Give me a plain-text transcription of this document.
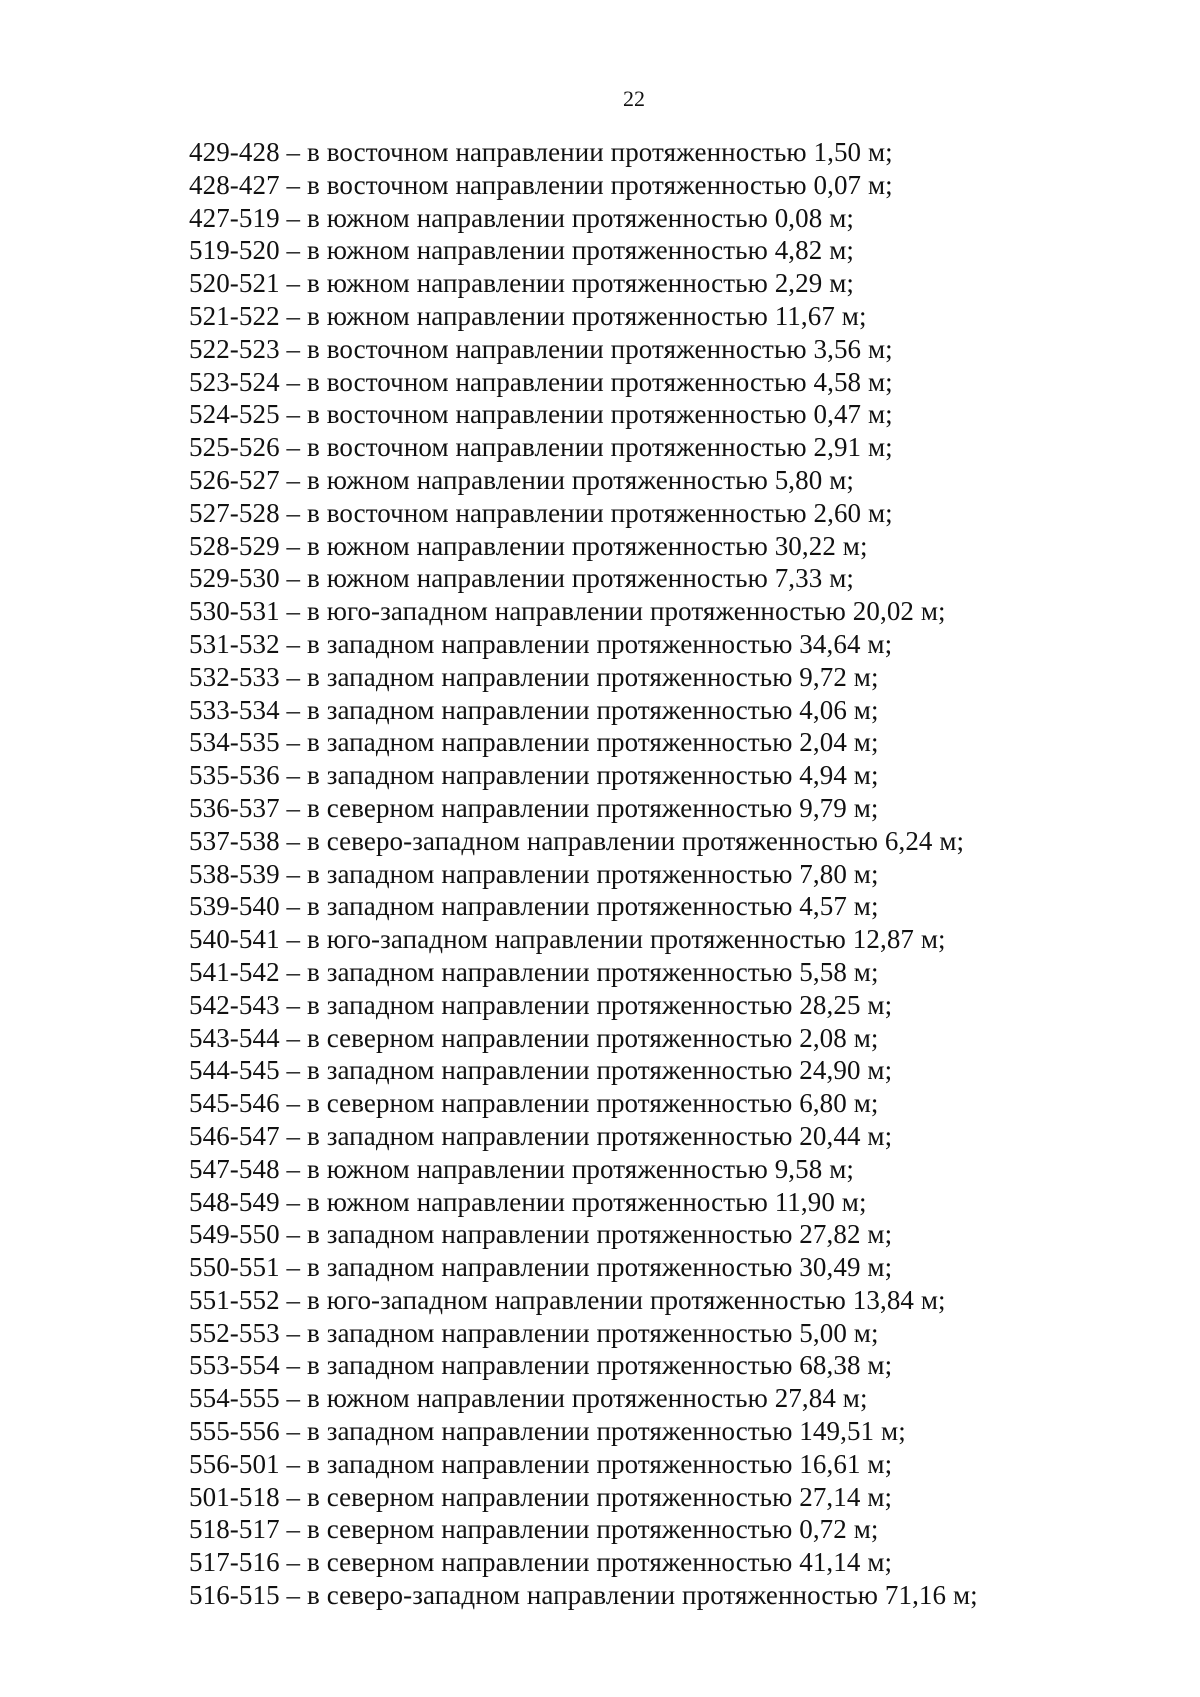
22
429-428 – в восточном направлении протяженностью 1,50 м;
428-427 – в восточном направлении протяженностью 0,07 м;
427-519 – в южном направлении протяженностью 0,08 м;
519-520 – в южном направлении протяженностью 4,82 м;
520-521 – в южном направлении протяженностью 2,29 м;
521-522 – в южном направлении протяженностью 11,67 м;
522-523 – в восточном направлении протяженностью 3,56 м;
523-524 – в восточном направлении протяженностью 4,58 м;
524-525 – в восточном направлении протяженностью 0,47 м;
525-526 – в восточном направлении протяженностью 2,91 м;
526-527 – в южном направлении протяженностью 5,80 м;
527-528 – в восточном направлении протяженностью 2,60 м;
528-529 – в южном направлении протяженностью 30,22 м;
529-530 – в южном направлении протяженностью 7,33 м;
530-531 – в юго-западном направлении протяженностью 20,02 м;
531-532 – в западном направлении протяженностью 34,64 м;
532-533 – в западном направлении протяженностью 9,72 м;
533-534 – в западном направлении протяженностью 4,06 м;
534-535 – в западном направлении протяженностью 2,04 м;
535-536 – в западном направлении протяженностью 4,94 м;
536-537 – в северном направлении протяженностью 9,79 м;
537-538 – в северо-западном направлении протяженностью 6,24 м;
538-539 – в западном направлении протяженностью 7,80 м;
539-540 – в западном направлении протяженностью 4,57 м;
540-541 – в юго-западном направлении протяженностью 12,87 м;
541-542 – в западном направлении протяженностью 5,58 м;
542-543 – в западном направлении протяженностью 28,25 м;
543-544 – в северном направлении протяженностью 2,08 м;
544-545 – в западном направлении протяженностью 24,90 м;
545-546 – в северном направлении протяженностью 6,80 м;
546-547 – в западном направлении протяженностью 20,44 м;
547-548 – в южном направлении протяженностью 9,58 м;
548-549 – в южном направлении протяженностью 11,90 м;
549-550 – в западном направлении протяженностью 27,82 м;
550-551 – в западном направлении протяженностью 30,49 м;
551-552 – в юго-западном направлении протяженностью 13,84 м;
552-553 – в западном направлении протяженностью 5,00 м;
553-554 – в западном направлении протяженностью 68,38 м;
554-555 – в южном направлении протяженностью 27,84 м;
555-556 – в западном направлении протяженностью 149,51 м;
556-501 – в западном направлении протяженностью 16,61 м;
501-518 – в северном направлении протяженностью 27,14 м;
518-517 – в северном направлении протяженностью 0,72 м;
517-516 – в северном направлении протяженностью 41,14 м;
516-515 – в северо-западном направлении протяженностью 71,16 м;
